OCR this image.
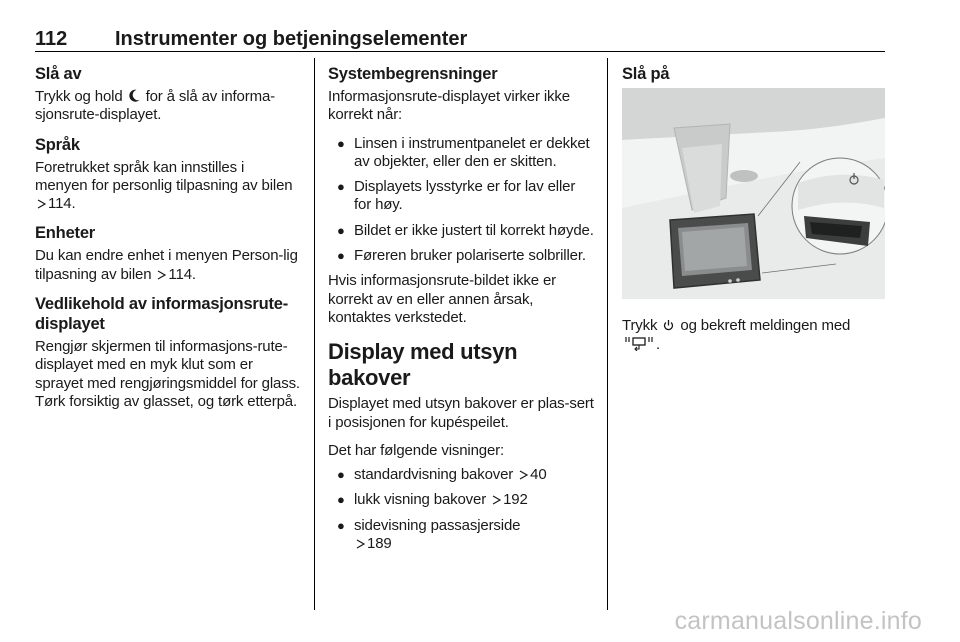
112 Instrumenter og betjeningselementer
Slå av

Trykk og hold  for å slå av informa-sjonsrute-displayet.

Språk

Foretrukket språk kan innstilles i menyen for personlig tilpasning av bilen 114.

Enheter

Du kan endre enhet i menyen Person-lig tilpasning av bilen 114.

Vedlikehold av informasjonsrute-displayet

Rengjør skjermen til informasjons-rute-displayet med en myk klut som er sprayet med rengjøringsmiddel for glass. Tørk forsiktig av glasset, og tørk etterpå.

Systembegrensninger

Informasjonsrute-displayet virker ikke korrekt når:

● Linsen i instrumentpanelet er dekket av objekter, eller den er skitten.
● Displayets lysstyrke er for lav eller for høy.
● Bildet er ikke justert til korrekt høyde.
● Føreren bruker polariserte solbriller.

Hvis informasjonsrute-bildet ikke er korrekt av en eller annen årsak, kontaktes verkstedet.

Display med utsyn bakover

Displayet med utsyn bakover er plas-sert i posisjonen for kupéspeilet.

Det har følgende visninger:

● standardvisning bakover 40
● lukk visning bakover 192
● sidevisning passasjerside
189
Slå på

Trykk  og bekreft meldingen med
.

carmanualsonline.info
